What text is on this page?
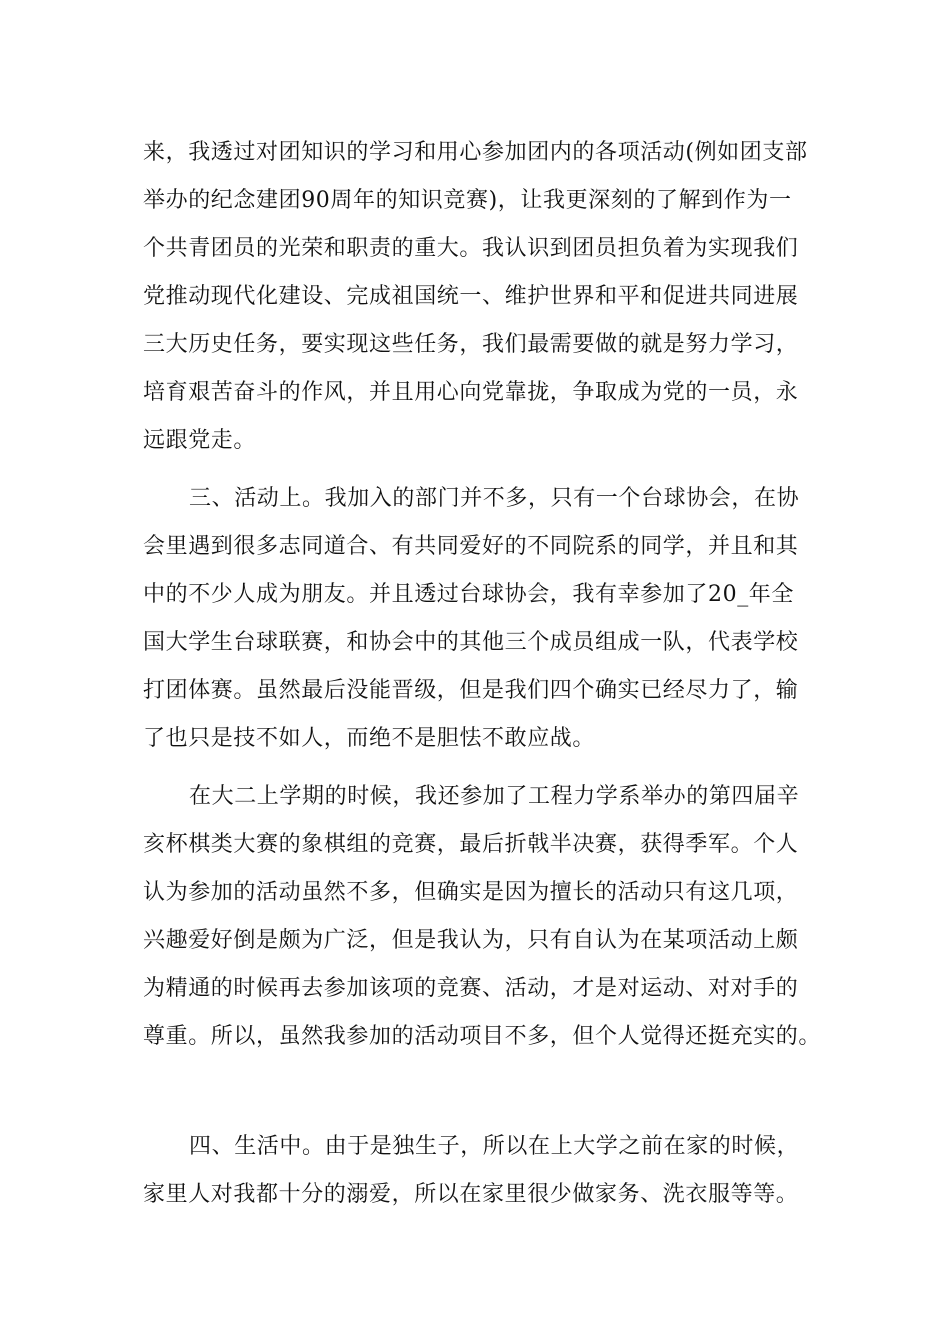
来，我透过对团知识的学习和用心参加团内的各项活动(例如团支部
举办的纪念建团90周年的知识竞赛)，让我更深刻的了解到作为一
个共青团员的光荣和职责的重大。我认识到团员担负着为实现我们
党推动现代化建设、完成祖国统一、维护世界和平和促进共同进展
三大历史任务，要实现这些任务，我们最需要做的就是努力学习，
培育艰苦奋斗的作风，并且用心向党靠拢，争取成为党的一员，永
远跟党走。
三、活动上。我加入的部门并不多，只有一个台球协会，在协
会里遇到很多志同道合、有共同爱好的不同院系的同学，并且和其
中的不少人成为朋友。并且透过台球协会，我有幸参加了20_年全
国大学生台球联赛，和协会中的其他三个成员组成一队，代表学校
打团体赛。虽然最后没能晋级，但是我们四个确实已经尽力了，输
了也只是技不如人，而绝不是胆怯不敢应战。
在大二上学期的时候，我还参加了工程力学系举办的第四届辛
亥杯棋类大赛的象棋组的竞赛，最后折戟半决赛，获得季军。个人
认为参加的活动虽然不多，但确实是因为擅长的活动只有这几项，
兴趣爱好倒是颇为广泛，但是我认为，只有自认为在某项活动上颇
为精通的时候再去参加该项的竞赛、活动，才是对运动、对对手的
尊重。所以，虽然我参加的活动项目不多，但个人觉得还挺充实的。
四、生活中。由于是独生子，所以在上大学之前在家的时候，
家里人对我都十分的溺爱，所以在家里很少做家务、洗衣服等等。
